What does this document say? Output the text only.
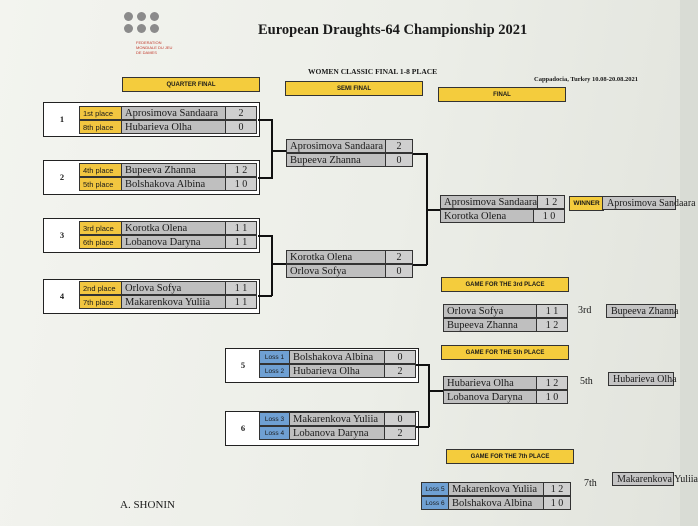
FEDERATION MONDIALE DU JEU DE DAMES
European Draughts-64 Championship 2021
WOMEN CLASSIC FINAL 1-8 PLACE
Cappadocia, Turkey 10.08-20.08.2021
QUARTER FINAL
SEMI FINAL
FINAL
GAME FOR THE 3rd PLACE
GAME FOR THE 5th PLACE
GAME FOR THE 7th PLACE
1
1st place	Aprosimova Sandaara	2
8th place	Hubarieva Olha	0
2
4th place	Bupeeva Zhanna	1 2
5th place	Bolshakova Albina	1 0
3
3rd place	Korotka Olena	1 1
6th place	Lobanova Daryna	1 1
4
2nd place Orlova Sofya	1 1
7th place	Makarenkova Yuliia	1 1
Aprosimova Sandaara	2
Bupeeva Zhanna	0
Korotka Olena	2
Orlova Sofya	0
Aprosimova Sandaara 1 2
Korotka Olena	1 0
WINNER Aprosimova Sandaara
Orlova Sofya	1 1
Bupeeva Zhanna	1 2
3rd	Bupeeva Zhanna
5
Loss 1 Bolshakova Albina	0
Loss 2 Hubarieva Olha	2
6
Loss 3 Makarenkova Yuliia	0
Loss 4 Lobanova Daryna	2
Hubarieva Olha	1 2
Lobanova Daryna	1 0
5th	Hubarieva Olha
Loss 5 Makarenkova Yuliia	1 2
Loss 6 Bolshakova Albina	1 0
7th	Makarenkova Yuliia
A. SHONIN
